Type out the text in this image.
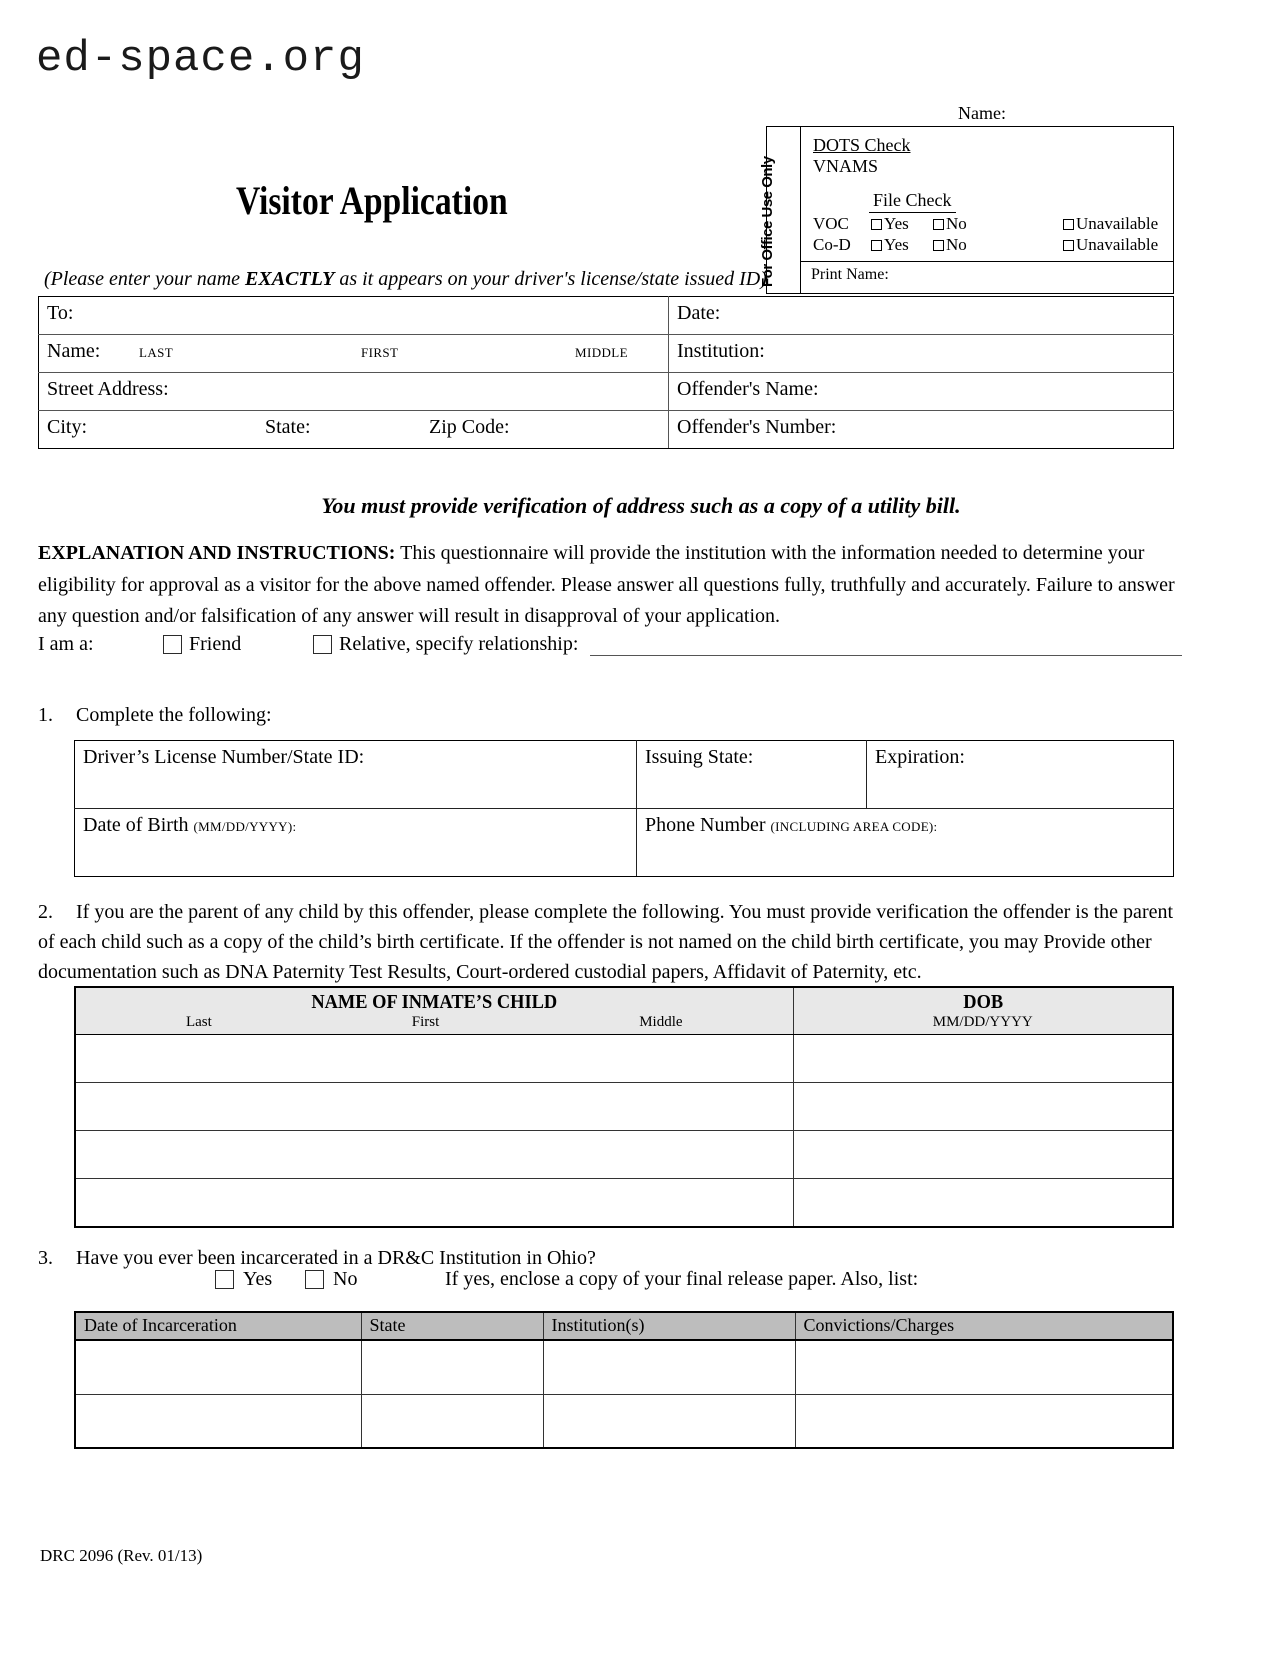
ed-space.org
Name:
For Office Use Only
DOTS Check
VNAMS
File Check
VOC	Yes No	Unavailable
Co-D	Yes No	Unavailable
Print Name:
Visitor Application
(Please enter your name EXACTLY as it appears on your driver's license/state issued ID)
To:	Date:

Name: LAST FIRST MIDDLE	Institution:
Street Address:	Offender's Name:

City: State: Zip Code:	Offender's Number:
You must provide verification of address such as a copy of a utility bill.
EXPLANATION AND INSTRUCTIONS: This questionnaire will provide the institution with the information needed to determine your eligibility for approval as a visitor for the above named offender. Please answer all questions fully, truthfully and accurately. Failure to answer any question and/or falsification of any answer will result in disapproval of your application.
I am a:	Friend	Relative, specify relationship:
1.	Complete the following:
Driver’s License Number/State ID:	Issuing State:	Expiration:
Date of Birth (MM/DD/YYYY):	Phone Number (INCLUDING AREA CODE):	
2.	If you are the parent of any child by this offender, please complete the following. You must provide verification the offender is the parent of each child such as a copy of the child’s birth certificate. If the offender is not named on the child birth certificate, you may Provide other documentation such as DNA Paternity Test Results, Court-ordered custodial papers, Affidavit of Paternity, etc.
NAME OF INMATE’S CHILD
Last First Middle	DOB
MM/DD/YYYY

3.	Have you ever been incarcerated in a DR&C Institution in Ohio?
Yes	No	If yes, enclose a copy of your final release paper. Also, list:
Date of Incarceration	State	Institution(s)	Convictions/Charges

DRC 2096 (Rev. 01/13)
